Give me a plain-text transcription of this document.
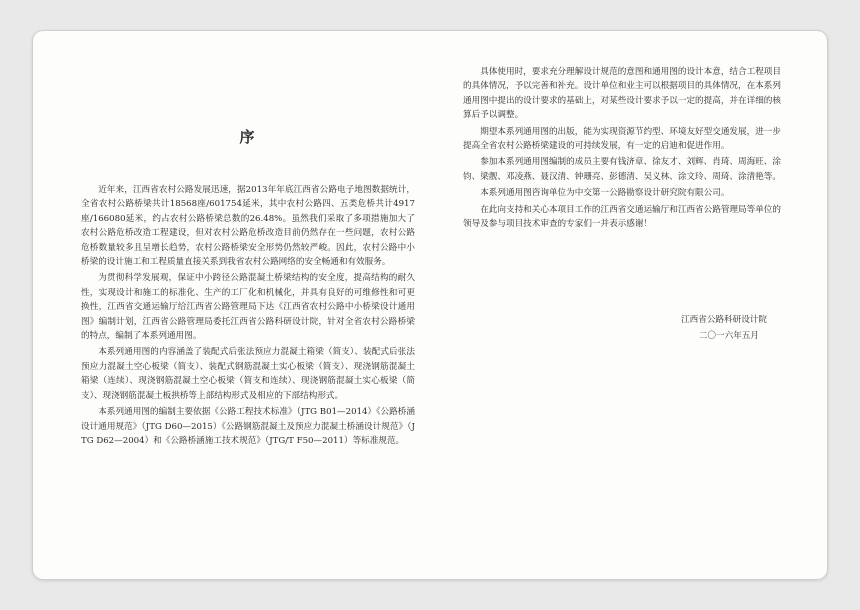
序

近年来，江西省农村公路发展迅速，据2013年年底江西省公路电子地图数据统计，全省农村公路桥梁共计18568座/601754延米，其中农村公路四、五类危桥共计4917座/166080延米，约占农村公路桥梁总数的26.48%。虽然我们采取了多项措施加大了农村公路危桥改造工程建设，但对农村公路危桥改造目前仍然存在一些问题，农村公路危桥数量较多且呈增长趋势，农村公路桥梁安全形势仍然较严峻。因此，农村公路中小桥梁的设计施工和工程质量直接关系到我省农村公路网络的安全畅通和有效服务。

为贯彻科学发展观，保证中小跨径公路混凝土桥梁结构的安全度，提高结构的耐久性，实现设计和施工的标准化、生产的工厂化和机械化，并具有良好的可维修性和可更换性，江西省交通运输厅给江西省公路管理局下达《江西省农村公路中小桥梁设计通用图》编制计划，江西省公路管理局委托江西省公路科研设计院，针对全省农村公路桥梁的特点，编制了本系列通用图。

本系列通用图的内容涵盖了装配式后张法预应力混凝土箱梁（简支）、装配式后张法预应力混凝土空心板梁（简支）、装配式钢筋混凝土实心板梁（简支）、现浇钢筋混凝土箱梁（连续）、现浇钢筋混凝土空心板梁（简支和连续）、现浇钢筋混凝土实心板梁（简支）、现浇钢筋混凝土板拱桥等上部结构形式及相应的下部结构形式。

本系列通用图的编制主要依据《公路工程技术标准》（JTG B01—2014）《公路桥涵设计通用规范》（JTG D60—2015）《公路钢筋混凝土及预应力混凝土桥涵设计规范》（JTG D62—2004）和《公路桥涵施工技术规范》（JTG/T F50—2011）等标准规范。

具体使用时，要求充分理解设计规范的意图和通用图的设计本意，结合工程项目的具体情况，予以完善和补充。设计单位和业主可以根据项目的具体情况，在本系列通用图中提出的设计要求的基础上，对某些设计要求予以一定的提高，并在详细的核算后予以调整。

期望本系列通用图的出版，能为实现资源节约型、环境友好型交通发展，进一步提高全省农村公路桥梁建设的可持续发展，有一定的启迪和促进作用。

参加本系列通用图编制的成员主要有钱济章、徐友才、刘辉、肖琦、周海旺、涂钧、梁靓、邓凌燕、聂汉清、钟珊亮、彭德清、吴义林、涂文玲、周琦、涂清艳等。

本系列通用图咨询单位为中交第一公路勘察设计研究院有限公司。

在此向支持和关心本项目工作的江西省交通运输厅和江西省公路管理局等单位的领导及参与项目技术审查的专家们一并表示感谢！

江西省公路科研设计院
二〇一六年五月
